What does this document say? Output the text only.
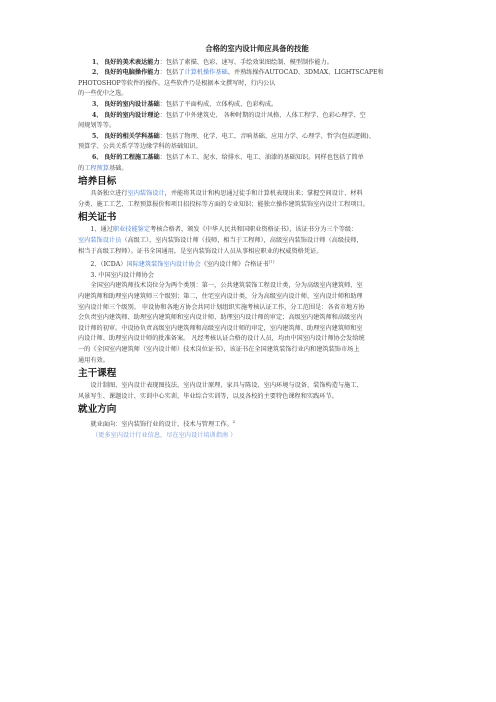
合格的室内设计师应具备的技能
1、 良好的美术表达能力：包括了素描、色彩、速写、手绘效果图绘制、模型制作能力。
2、 良好的电脑操作能力：包括了计算机操作基础、并熟练操作AUTOCAD、3DMAX、LIGHTSCAPE和
PHOTOSHOP等软件的操作。这些软件乃是根据本文撰写时，行内公认
的一些优中之选。
3、 良好的室内设计基础：包括了平面构成、立体构成、色彩构成。
4、 良好的室内设计理论：包括了中外建筑史、 各种时期的设计风格、人体工程学、色彩心理学、空
间规划等等。
5、 良好的相关学科基础：包括了物理、化学、电工、音响基础、应用力学、心理学、哲学(包括逻辑)、
预算学、公共关系学等边缘学科的基础知识。
6、 良好的工程施工基础：包括了木工、泥水、给排水、电工、油漆的基础知识。同样也包括了简单
的工程预算基础。
培养目标
具备独立进行室内装饰设计，并能将其设计和构思通过徒手和计算机表现出来；掌握空间设计、材料
分类、施工工艺、工程预算报价和项目招投标等方面的专业知识；能独立操作建筑装饰室内设计工程项目。
相关证书
1、通过职业技能鉴定考核合格者，颁发《中华人民共和国职业资格证书》，该证书分为三个等级：
室内装饰设计员（高级工），室内装饰设计师（技师，相当于工程师），高级室内装饰设计师（高级技师，
相当于高级工程师）。证书全国通用，是室内装饰设计人员从事相应职业的权威资格凭证。
2、（ICDA）国际建筑装饰室内设计协会《室内设计师》合格证书[1]
3. 中国室内设计师协会
全国室内建筑师技术岗位分为两个类别：第一，公共建筑装饰工程设计类，分为高级室内建筑师、室
内建筑师和助理室内建筑师三个级别；第二，住宅室内设计类，分为高级室内设计师、室内设计师和助理
室内设计师三个级别。 申设协和各地方协会共同计划组织实施考核认证工作，分工范围是：各省市地方协
会负责室内建筑师、助理室内建筑师和室内设计师、助理室内设计师的审定；高级室内建筑师和高级室内
设计师的初审。中设协负责高级室内建筑师和高级室内设计师的审定，室内建筑师、助理室内建筑师和室
内设计师、助理室内设计师的批准备案。 凡经考核认证合格的设计人员，均由中国室内设计师协会发给统
一的《全国室内建筑师（室内设计师）技术岗位证书》，该证书在全国建筑装饰行业内和建筑装饰市场上
通用有效。
主干课程
设计制图、室内设计表现图技法、室内设计原理、家具与陈设、室内环境与设备、装饰构造与施工、
风景写生、课题设计、实训中心实训、毕业综合实训等，以及各校的主要特色课程和实践环节。
就业方向
就业面向：室内装饰行业的设计、技术与管理工作。$^2$
（更多室内设计行业信息，尽在室内设计培训指南 ）
